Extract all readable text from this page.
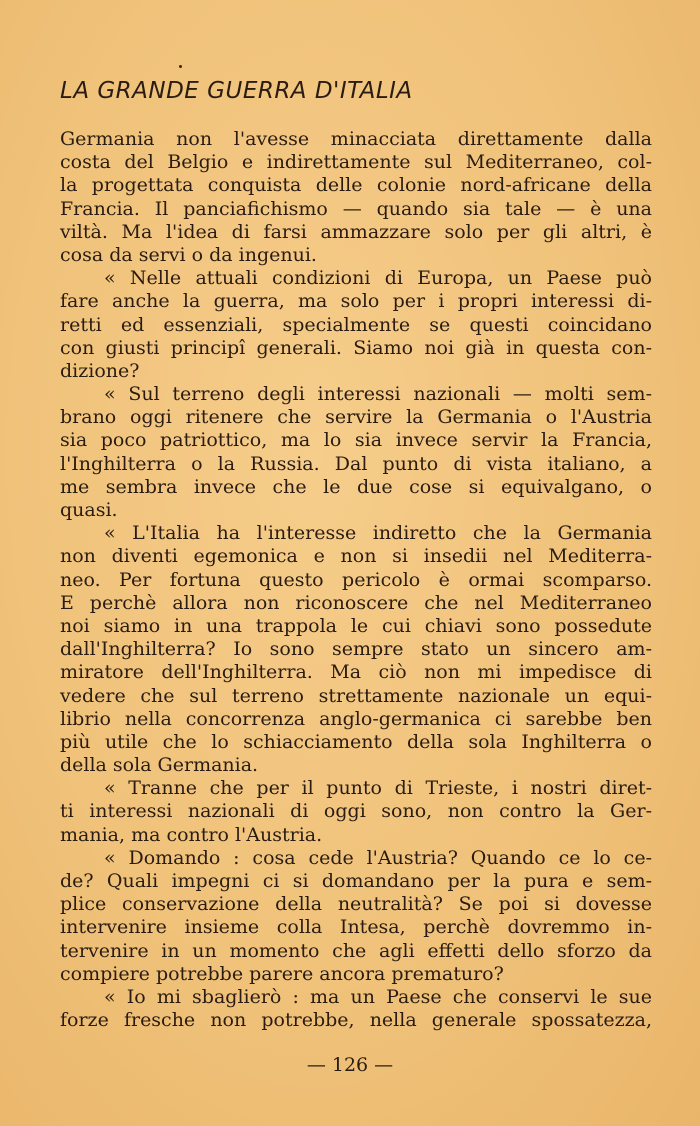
LA GRANDE GUERRA D'ITALIA
Germania non l'avesse minacciata direttamente dalla
costa del Belgio e indirettamente sul Mediterraneo, col-
la progettata conquista delle colonie nord-africane della
Francia. Il panciafichismo — quando sia tale — è una
viltà. Ma l'idea di farsi ammazzare solo per gli altri, è
cosa da servi o da ingenui.
« Nelle attuali condizioni di Europa, un Paese può
fare anche la guerra, ma solo per i propri interessi di-
retti ed essenziali, specialmente se questi coincidano
con giusti principî generali. Siamo noi già in questa con-
dizione?
« Sul terreno degli interessi nazionali — molti sem-
brano oggi ritenere che servire la Germania o l'Austria
sia poco patriottico, ma lo sia invece servir la Francia,
l'Inghilterra o la Russia. Dal punto di vista italiano, a
me sembra invece che le due cose si equivalgano, o
quasi.
« L'Italia ha l'interesse indiretto che la Germania
non diventi egemonica e non si insedii nel Mediterra-
neo. Per fortuna questo pericolo è ormai scomparso.
E perchè allora non riconoscere che nel Mediterraneo
noi siamo in una trappola le cui chiavi sono possedute
dall'Inghilterra? Io sono sempre stato un sincero am-
miratore dell'Inghilterra. Ma ciò non mi impedisce di
vedere che sul terreno strettamente nazionale un equi-
librio nella concorrenza anglo-germanica ci sarebbe ben
più utile che lo schiacciamento della sola Inghilterra o
della sola Germania.
« Tranne che per il punto di Trieste, i nostri diret-
ti interessi nazionali di oggi sono, non contro la Ger-
mania, ma contro l'Austria.
« Domando : cosa cede l'Austria? Quando ce lo ce-
de? Quali impegni ci si domandano per la pura e sem-
plice conservazione della neutralità? Se poi si dovesse
intervenire insieme colla Intesa, perchè dovremmo in-
tervenire in un momento che agli effetti dello sforzo da
compiere potrebbe parere ancora prematuro?
« Io mi sbaglierò : ma un Paese che conservi le sue
forze fresche non potrebbe, nella generale spossatezza,
— 126 —
